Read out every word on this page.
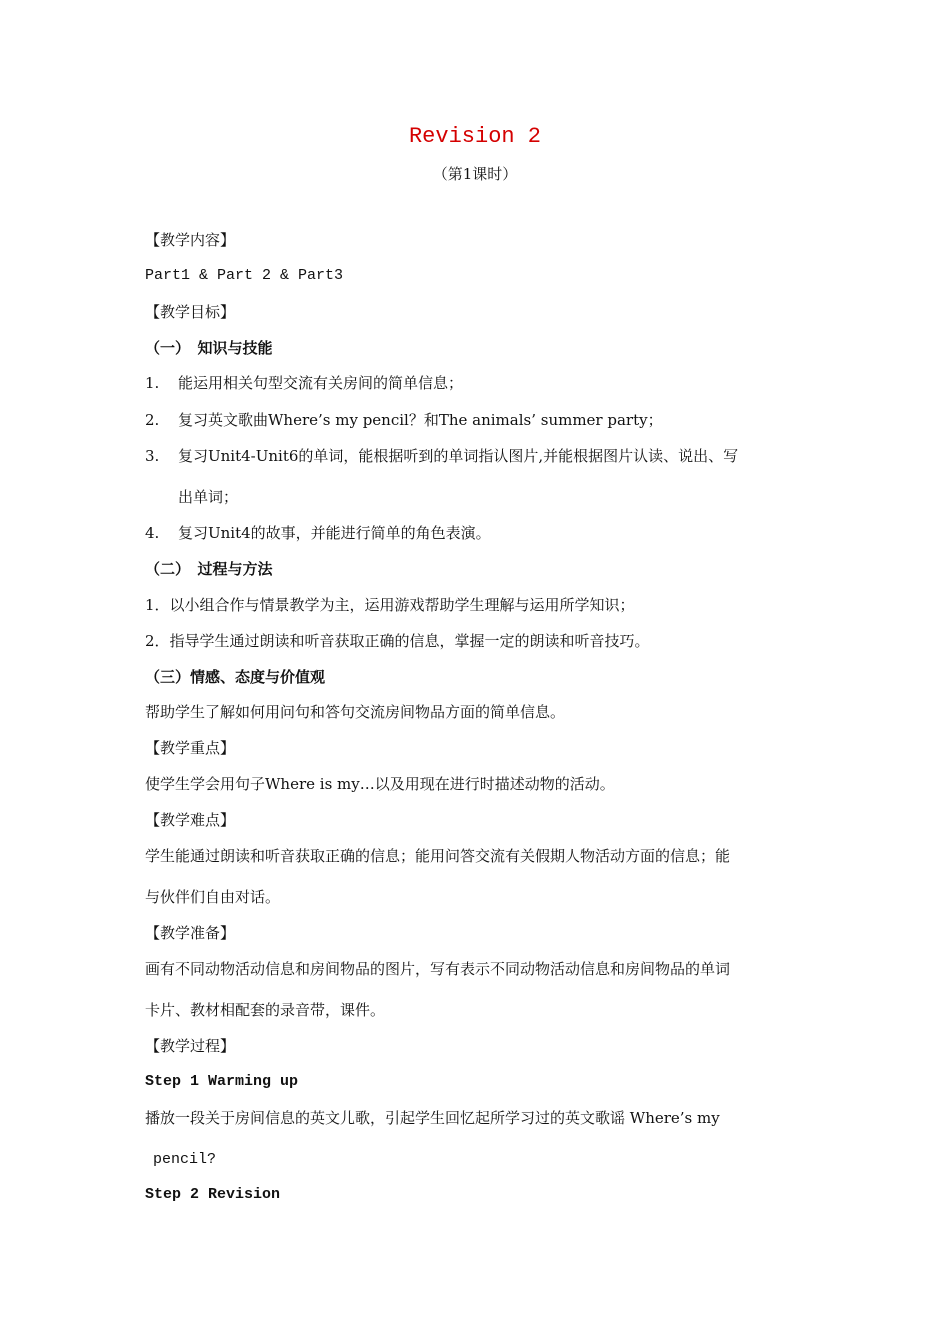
Revision 2
（第1课时）
【教学内容】
Part1 & Part 2 & Part3
【教学目标】
（一）　知识与技能
1. 能运用相关句型交流有关房间的简单信息；
2. 复习英文歌曲Where’s my pencil？和The animals’ summer party；
3. 复习Unit4-Unit6的单词，能根据听到的单词指认图片,并能根据图片认读、说出、写
出单词；
4. 复习Unit4的故事，并能进行简单的角色表演。
（二）　过程与方法
1．以小组合作与情景教学为主，运用游戏帮助学生理解与运用所学知识；
2．指导学生通过朗读和听音获取正确的信息，掌握一定的朗读和听音技巧。
（三）情感、态度与价值观
帮助学生了解如何用问句和答句交流房间物品方面的简单信息。
【教学重点】
使学生学会用句子Where is my…以及用现在进行时描述动物的活动。
【教学难点】
学生能通过朗读和听音获取正确的信息；能用问答交流有关假期人物活动方面的信息；能
与伙伴们自由对话。
【教学准备】
画有不同动物活动信息和房间物品的图片，写有表示不同动物活动信息和房间物品的单词
卡片、教材相配套的录音带，课件。
【教学过程】
Step 1 Warming up
播放一段关于房间信息的英文儿歌，引起学生回忆起所学习过的英文歌谣 Where’s my
pencil?
Step 2 Revision
